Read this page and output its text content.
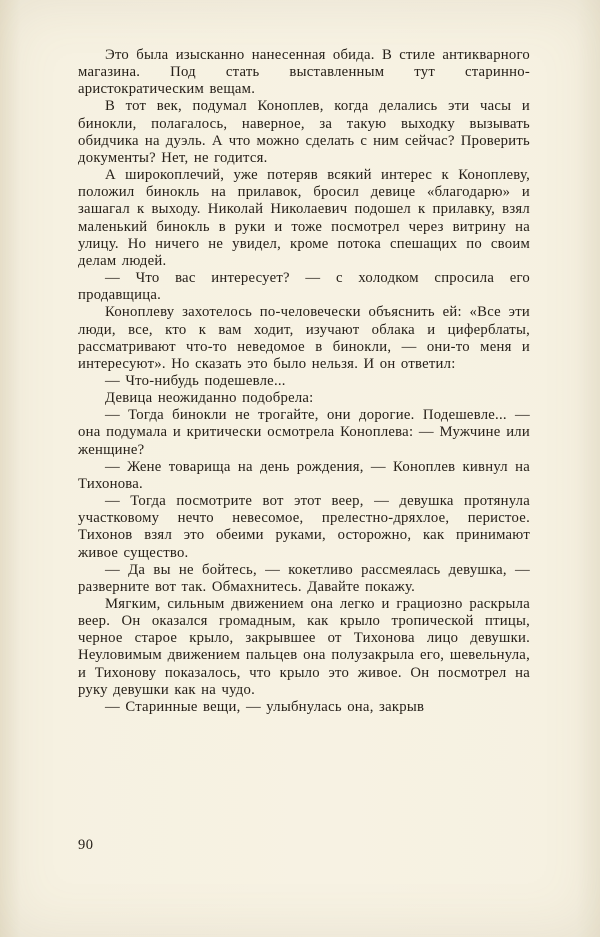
Это была изысканно нанесенная обида. В стиле антикварного магазина. Под стать выставленным тут старинно-аристократическим вещам.

В тот век, подумал Коноплев, когда делались эти часы и бинокли, полагалось, наверное, за такую выходку вызывать обидчика на дуэль. А что можно сделать с ним сейчас? Проверить документы? Нет, не годится.

А широкоплечий, уже потеряв всякий интерес к Коноплеву, положил бинокль на прилавок, бросил девице «благодарю» и зашагал к выходу. Николай Николаевич подошел к прилавку, взял маленький бинокль в руки и тоже посмотрел через витрину на улицу. Но ничего не увидел, кроме потока спешащих по своим делам людей.

— Что вас интересует? — с холодком спросила его продавщица.

Коноплеву захотелось по-человечески объяснить ей: «Все эти люди, все, кто к вам ходит, изучают облака и циферблаты, рассматривают что-то неведомое в бинокли, — они-то меня и интересуют». Но сказать это было нельзя. И он ответил:

— Что-нибудь подешевле...

Девица неожиданно подобрела:

— Тогда бинокли не трогайте, они дорогие. Подешевле... — она подумала и критически осмотрела Коноплева: — Мужчине или женщине?

— Жене товарища на день рождения, — Коноплев кивнул на Тихонова.

— Тогда посмотрите вот этот веер, — девушка протянула участковому нечто невесомое, прелестно-дряхлое, перистое. Тихонов взял это обеими руками, осторожно, как принимают живое существо.

— Да вы не бойтесь, — кокетливо рассмеялась девушка, — разверните вот так. Обмахнитесь. Давайте покажу.

Мягким, сильным движением она легко и грациозно раскрыла веер. Он оказался громадным, как крыло тропической птицы, черное старое крыло, закрывшее от Тихонова лицо девушки. Неуловимым движением пальцев она полузакрыла его, шевельнула, и Тихонову показалось, что крыло это живое. Он посмотрел на руку девушки как на чудо.

— Старинные вещи, — улыбнулась она, закрыв

90
